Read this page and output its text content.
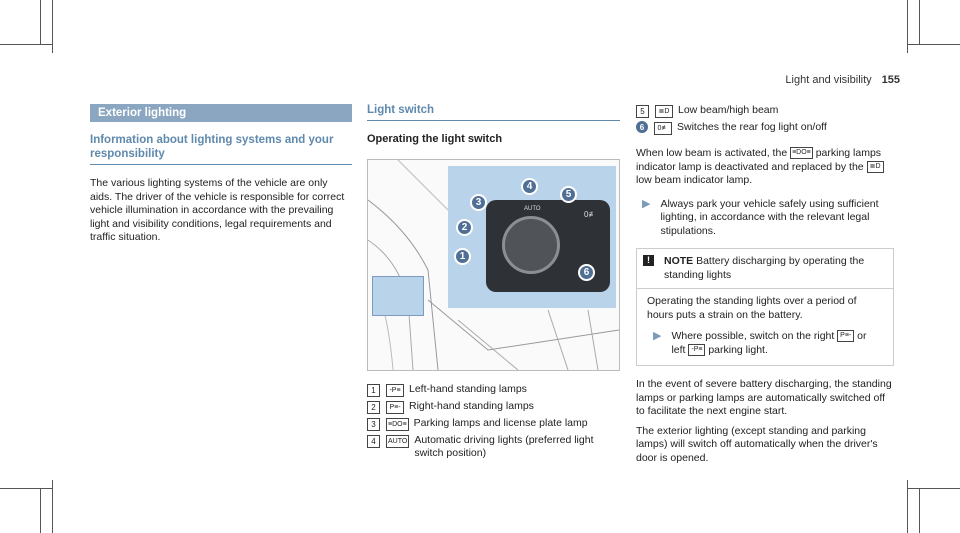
Light and visibility 155
Exterior lighting
Information about lighting systems and your responsibility

The various lighting systems of the vehicle are only aids. The driver of the vehicle is responsible for correct vehicle illumination in accordance with the prevailing light and visibility conditions, legal requirements and traffic situation.

Light switch
Operating the light switch
AUTO
0≢
1
2
3
4
5
6
1	-P≡ Left-hand standing lamps
2	P≡- Right-hand standing lamps
3	≡DO≡ Parking lamps and license plate lamp
4	AUTO Automatic driving lights (preferred light switch position)
5	≣D Low beam/high beam
6	0≢ Switches the rear fog light on/off

When low beam is activated, the ≡DO≡ parking lamps indicator lamp is deactivated and replaced by the ≣D low beam indicator lamp.

▶ Always park your vehicle safely using sufficient lighting, in accordance with the relevant legal stipulations.
!	NOTE Battery discharging by operating the standing lights

Operating the standing lights over a period of hours puts a strain on the battery.

▶ Where possible, switch on the right P≡- or left -P≡ parking light.

In the event of severe battery discharging, the standing lamps or parking lamps are automatically switched off to facilitate the next engine start.

The exterior lighting (except standing and parking lamps) will switch off automatically when the driver's door is opened.
